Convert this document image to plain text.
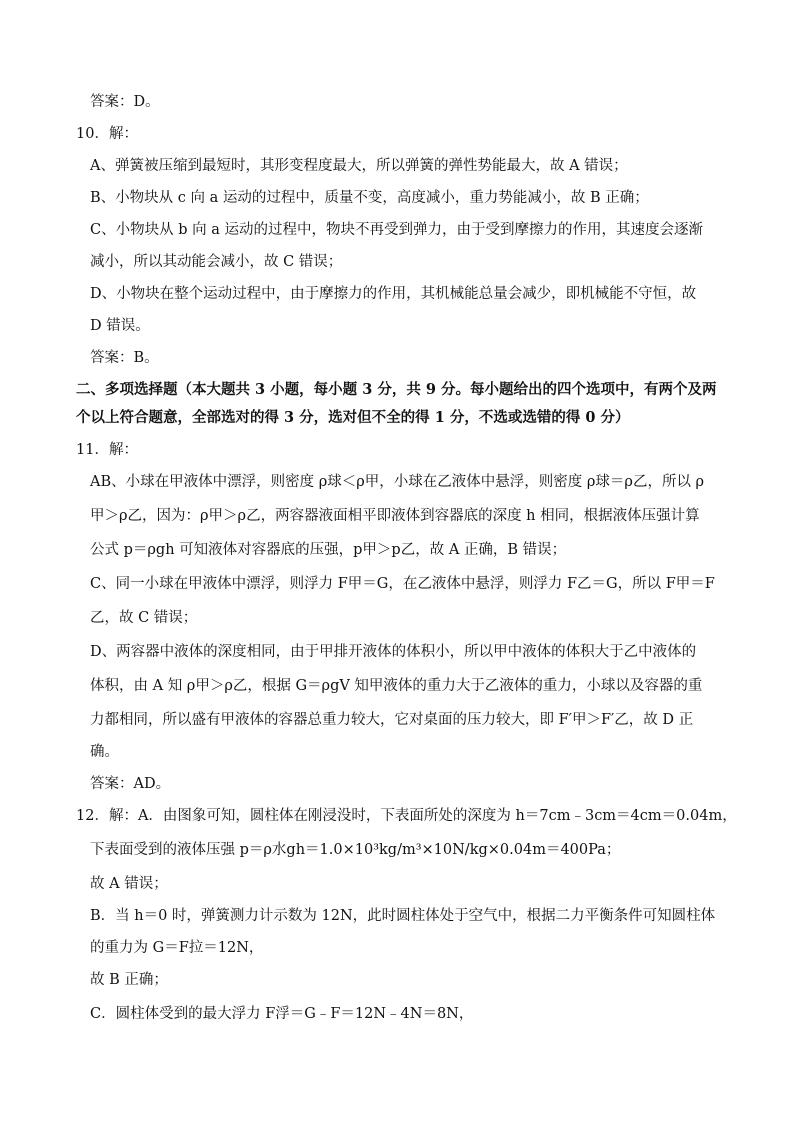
答案：D。
10．解：
A、弹簧被压缩到最短时，其形变程度最大，所以弹簧的弹性势能最大，故 A 错误；
B、小物块从 c 向 a 运动的过程中，质量不变，高度减小，重力势能减小，故 B 正确；
C、小物块从 b 向 a 运动的过程中，物块不再受到弹力，由于受到摩擦力的作用，其速度会逐渐
减小，所以其动能会减小，故 C 错误；
D、小物块在整个运动过程中，由于摩擦力的作用，其机械能总量会减少，即机械能不守恒，故
D 错误。
答案：B。
二、多项选择题（本大题共 3 小题，每小题 3 分，共 9 分。每小题给出的四个选项中，有两个及两
个以上符合题意，全部选对的得 3 分，选对但不全的得 1 分，不选或选错的得 0 分）
11．解：
AB、小球在甲液体中漂浮，则密度 ρ球＜ρ甲，小球在乙液体中悬浮，则密度 ρ球＝ρ乙，所以 ρ
甲＞ρ乙，因为：ρ甲＞ρ乙，两容器液面相平即液体到容器底的深度 h 相同，根据液体压强计算
公式 p＝ρgh 可知液体对容器底的压强，p甲＞p乙，故 A 正确，B 错误；
C、同一小球在甲液体中漂浮，则浮力 F甲＝G，在乙液体中悬浮，则浮力 F乙＝G，所以 F甲＝F
乙，故 C 错误；
D、两容器中液体的深度相同，由于甲排开液体的体积小，所以甲中液体的体积大于乙中液体的
体积，由 A 知 ρ甲＞ρ乙，根据 G＝ρgV 知甲液体的重力大于乙液体的重力，小球以及容器的重
力都相同，所以盛有甲液体的容器总重力较大，它对桌面的压力较大，即 F′甲＞F′乙，故 D 正
确。
答案：AD。
12．解：A．由图象可知，圆柱体在刚浸没时，下表面所处的深度为 h＝7cm﹣3cm＝4cm＝0.04m，
下表面受到的液体压强 p＝ρ水gh＝1.0×10³kg/m³×10N/kg×0.04m＝400Pa；
故 A 错误；
B．当 h＝0 时，弹簧测力计示数为 12N，此时圆柱体处于空气中，根据二力平衡条件可知圆柱体
的重力为 G＝F拉＝12N，
故 B 正确；
C．圆柱体受到的最大浮力 F浮＝G﹣F＝12N﹣4N＝8N，
